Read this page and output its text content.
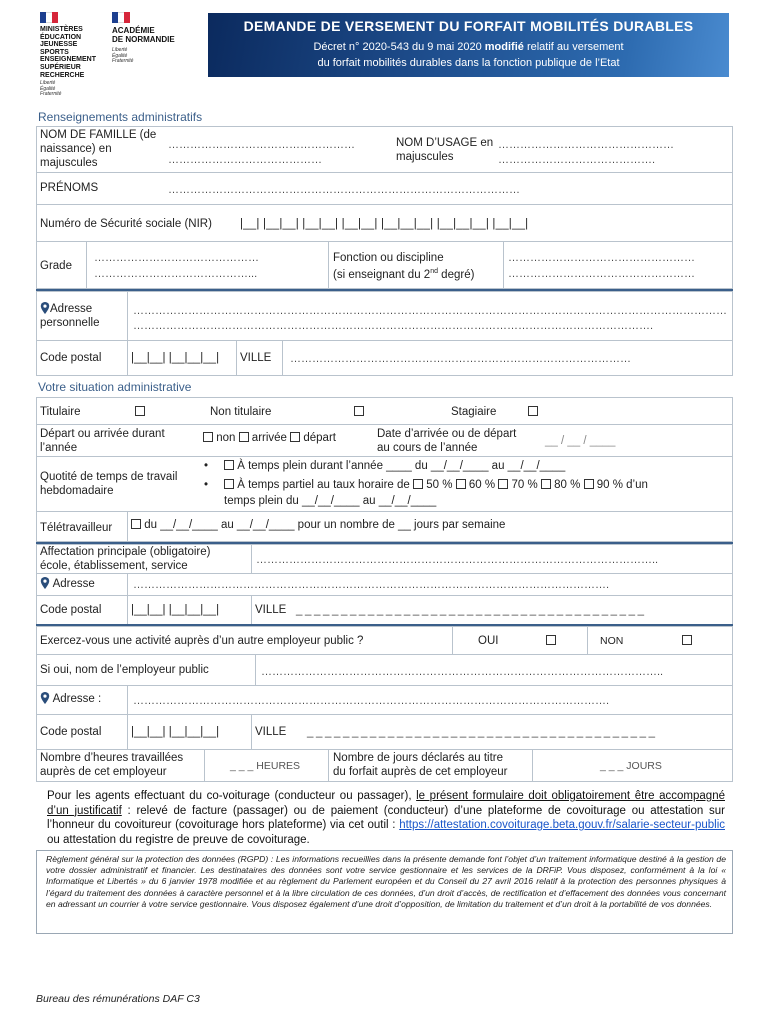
MINISTÈRES
ÉDUCATION
JEUNESSE
SPORTS
ENSEIGNEMENT
SUPÉRIEUR
RECHERCHE
Liberté
Égalité
Fraternité
ACADÉMIE
DE NORMANDIE
Liberté
Égalité
Fraternité
DEMANDE DE VERSEMENT DU FORFAIT MOBILITÉS DURABLES
Décret n° 2020-543 du 9 mai 2020 modifié relatif au versement
du forfait mobilités durables dans la fonction publique de l’Etat
Renseignements administratifs
NOM DE FAMILLE (de naissance) en majuscules
……………………………………………
……………………………………
NOM D’USAGE en majuscules
…………………………………………
…………………………………….
PRÉNOMS	……………………………………………………………………………………
Numéro de Sécurité sociale (NIR) |__| |__|__| |__|__| |__|__| |__|__|__| |__|__|__| |__|__|
Grade
………………………………………
……………………………………...
Fonction ou discipline
(si enseignant du 2nd degré)
……………………………………………
……………………………………………
Adresse
personnelle
………………………………………………………………………………………………………………………………………………
…………………………………………………………………………………………………………………………….
Code postal	|__|__| |__|__|__| VILLE …………………………………………………………………………………
Votre situation administrative
Titulaire	Non titulaire	Stagiaire
Départ ou arrivée durant
l’année
non arrivée départ	Date d’arrivée ou de départ
au cours de l’année
__ / __ / ____
Quotité de temps de travail
hebdomadaire
•	À temps plein durant l’année ____ du __/__/____ au __/__/____
•	À temps partiel au taux horaire de 50 % 60 % 70 % 80 % 90 % d’un
temps plein du __/__/____ au __/__/____
Télétravailleur	du __/__/____ au __/__/____ pour un nombre de __ jours par semaine
Affectation principale (obligatoire)
école, établissement, service	………………………………………………………………………………………………..
Adresse	………………………………………………………………………………………………………………….
Code postal	|__|__| |__|__|__|	VILLE _ _ _ _ _ _ _ _ _ _ _ _ _ _ _ _ _ _ _ _ _ _ _ _ _ _ _ _ _ _ _ _ _ _ _ _ _ _ _
Exercez-vous une activité auprès d’un autre employeur public ?	OUI	NON
Si oui, nom de l’employeur public	………………………………………………………………………………………………..
Adresse :	………………………………………………………………………………………………………………….
Code postal	|__|__| |__|__|__|	VILLE _ _ _ _ _ _ _ _ _ _ _ _ _ _ _ _ _ _ _ _ _ _ _ _ _ _ _ _ _ _ _ _ _ _ _ _ _ _ _
Nombre d’heures travaillées
auprès de cet employeur	_ _ _ HEURES
Nombre de jours déclarés au titre
du forfait auprès de cet employeur	_ _ _ JOURS
Pour les agents effectuant du co-voiturage (conducteur ou passager), le présent formulaire doit obligatoirement être accompagné d’un justificatif : relevé de facture (passager) ou de paiement (conducteur) d’une plateforme de covoiturage ou attestation sur l’honneur du covoitureur (covoiturage hors plateforme) via cet outil : https://attestation.covoiturage.beta.gouv.fr/salarie-secteur-public ou attestation du registre de preuve de covoiturage.
Règlement général sur la protection des données (RGPD) : Les informations recueillies dans la présente demande font l’objet d’un traitement informatique destiné à la gestion de votre dossier administratif et financier. Les destinataires des données sont votre service gestionnaire et les services de la DRFiP. Vous disposez, conformément à la loi « Informatique et Libertés » du 6 janvier 1978 modifiée et au règlement du Parlement européen et du Conseil du 27 avril 2016 relatif à la protection des personnes physiques à l’égard du traitement des données à caractère personnel et à la libre circulation de ces données, d’un droit d’accès, de rectification et d’effacement des données vous concernant en adressant un courrier à votre service gestionnaire. Vous disposez également d’une droit d’opposition, de limitation du traitement et d’un droit à la portabilité de vos données.
Bureau des rémunérations DAF C3
